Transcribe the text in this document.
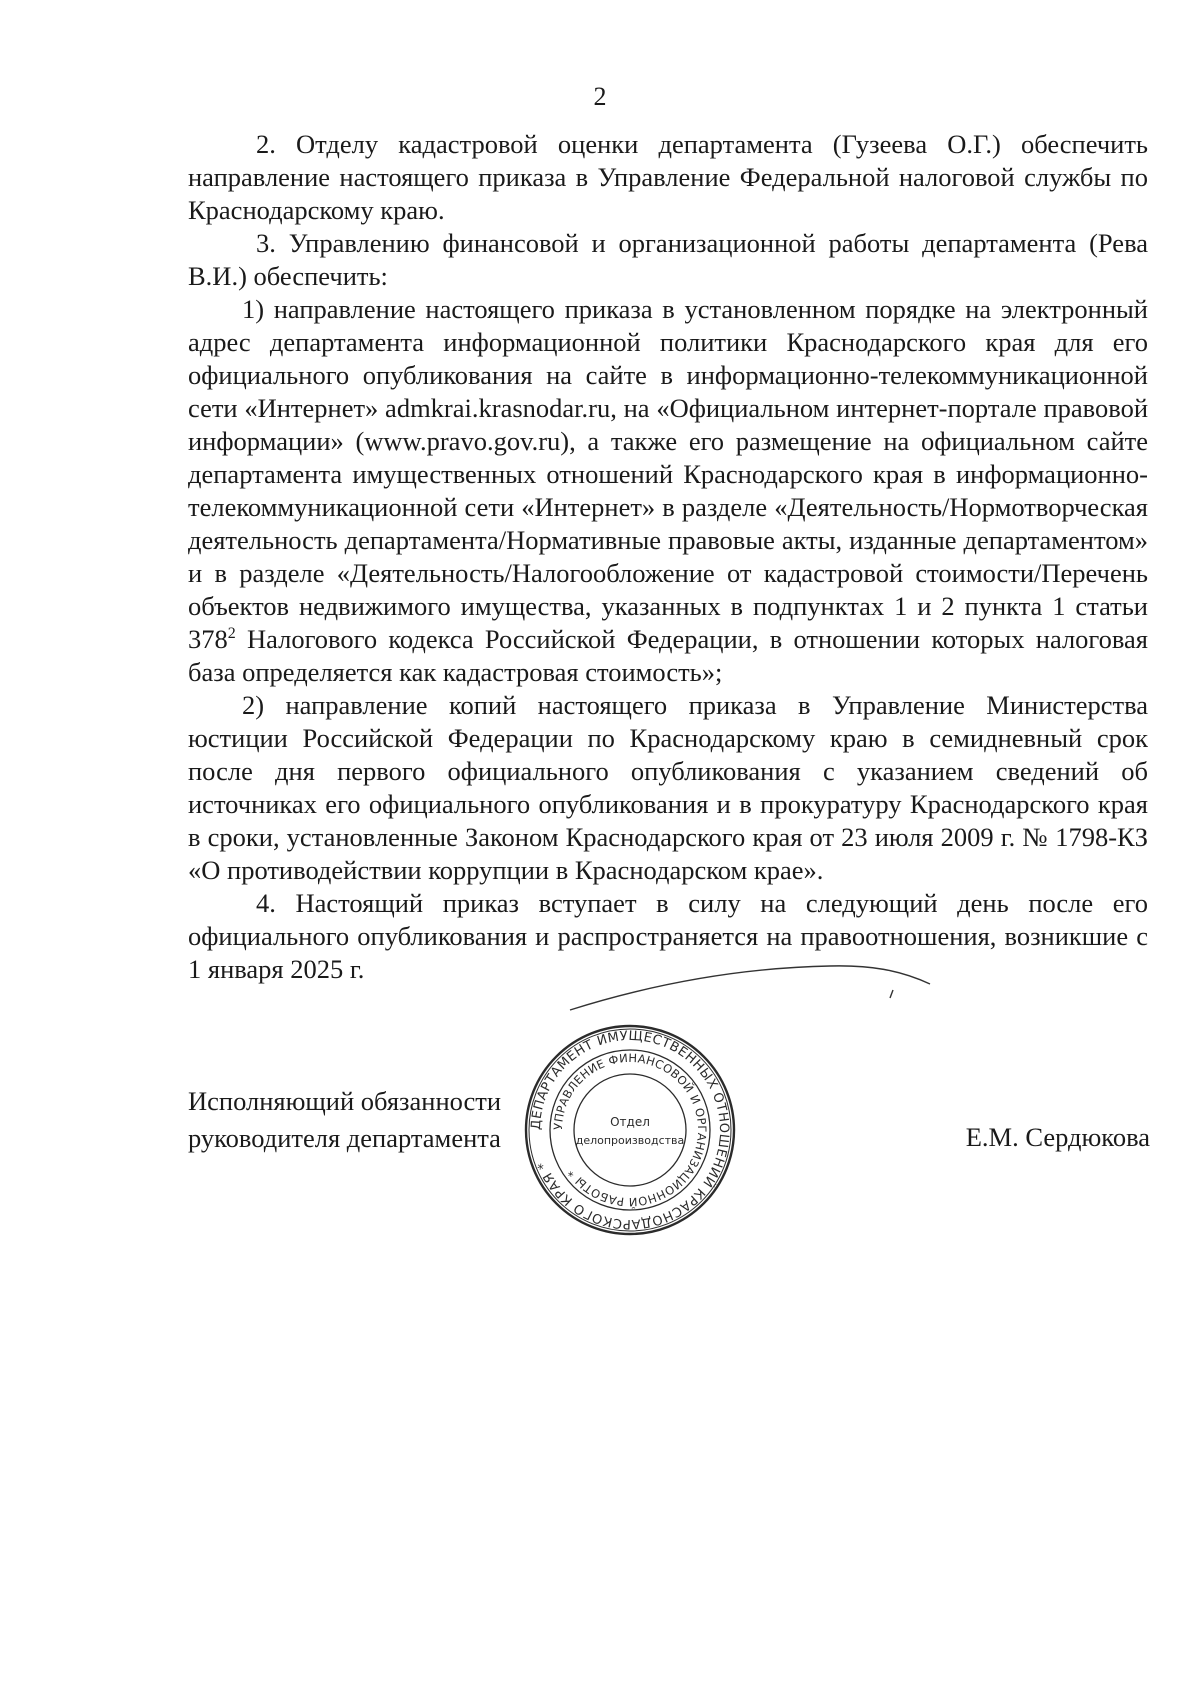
2

2. Отделу кадастровой оценки департамента (Гузеева О.Г.) обеспечить направление настоящего приказа в Управление Федеральной налоговой службы по Краснодарскому краю.

3. Управлению финансовой и организационной работы департамента (Рева В.И.) обеспечить:

1) направление настоящего приказа в установленном порядке на электронный адрес департамента информационной политики Краснодарского края для его официального опубликования на сайте в информационно-телекоммуникационной сети «Интернет» admkrai.krasnodar.ru, на «Официальном интернет-портале правовой информации» (www.pravo.gov.ru), а также его размещение на официальном сайте департамента имущественных отношений Краснодарского края в информационно-телекоммуникационной сети «Интернет» в разделе «Деятельность/Нормотворческая деятельность департамента/Нормативные правовые акты, изданные департаментом» и в разделе «Деятельность/Налогообложение от кадастровой стоимости/Перечень объектов недвижимого имущества, указанных в подпунктах 1 и 2 пункта 1 статьи $378^2$ Налогового кодекса Российской Федерации, в отношении которых налоговая база определяется как кадастровая стоимость»;

2) направление копий настоящего приказа в Управление Министерства юстиции Российской Федерации по Краснодарскому краю в семидневный срок после дня первого официального опубликования с указанием сведений об источниках его официального опубликования и в прокуратуру Краснодарского края в сроки, установленные Законом Краснодарского края от 23 июля 2009 г. № 1798-КЗ «О противодействии коррупции в Краснодарском крае».

4. Настоящий приказ вступает в силу на следующий день после его официального опубликования и распространяется на правоотношения, возникшие с 1 января 2025 г.

Исполняющий обязанности
руководителя департамента	Е.М. Сердюкова
ДЕПАРТАМЕНТ ИМУЩЕСТВЕННЫХ ОТНОШЕНИЙ КРАСНОДАРСКОГО КРАЯ *
УПРАВЛЕНИЕ ФИНАНСОВОЙ И ОРГАНИЗАЦИОННОЙ РАБОТЫ *
Отдел
делопроизводства
